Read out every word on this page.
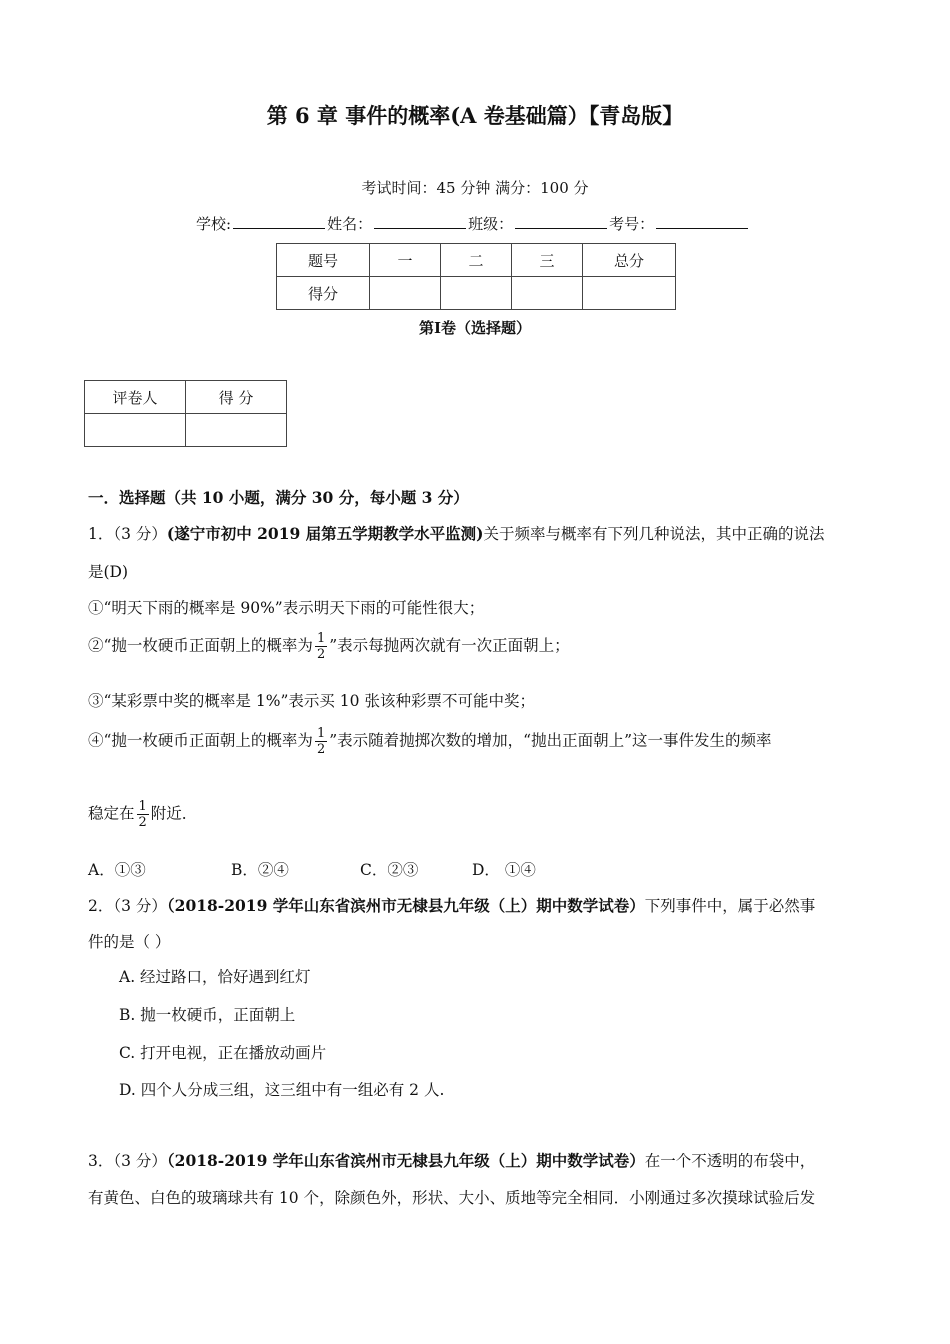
第 6 章 事件的概率(A 卷基础篇）【青岛版】
考试时间：45 分钟 满分：100 分
学校:	姓名：	班级：	考号：
题号	一	二	三	总分
得分				
第Ⅰ卷（选择题）
评卷人	得 分

一．选择题（共 10 小题，满分 30 分，每小题 3 分）
1．（3 分）(遂宁市初中 2019 届第五学期教学水平监测)关于频率与概率有下列几种说法，其中正确的说法
是(D)
①“明天下雨的概率是 90%”表示明天下雨的可能性很大；
②“抛一枚硬币正面朝上的概率为 $\frac{1}{2}$ ”表示每抛两次就有一次正面朝上；
③“某彩票中奖的概率是 1%”表示买 10 张该种彩票不可能中奖；
④“抛一枚硬币正面朝上的概率为 $\frac{1}{2}$ ”表示随着抛掷次数的增加，“抛出正面朝上”这一事件发生的频率
稳定在 $\frac{1}{2}$ 附近．
A．①③	B．②④	C．②③	D． ①④
2．（3 分）（2018-2019 学年山东省滨州市无棣县九年级（上）期中数学试卷）下列事件中，属于必然事
件的是（ ）
A. 经过路口，恰好遇到红灯
B. 抛一枚硬币，正面朝上
C. 打开电视，正在播放动画片
D. 四个人分成三组，这三组中有一组必有 2 人.
3．（3 分）（2018-2019 学年山东省滨州市无棣县九年级（上）期中数学试卷）在一个不透明的布袋中，
有黄色、白色的玻璃球共有 10 个，除颜色外，形状、大小、质地等完全相同．小刚通过多次摸球试验后发
